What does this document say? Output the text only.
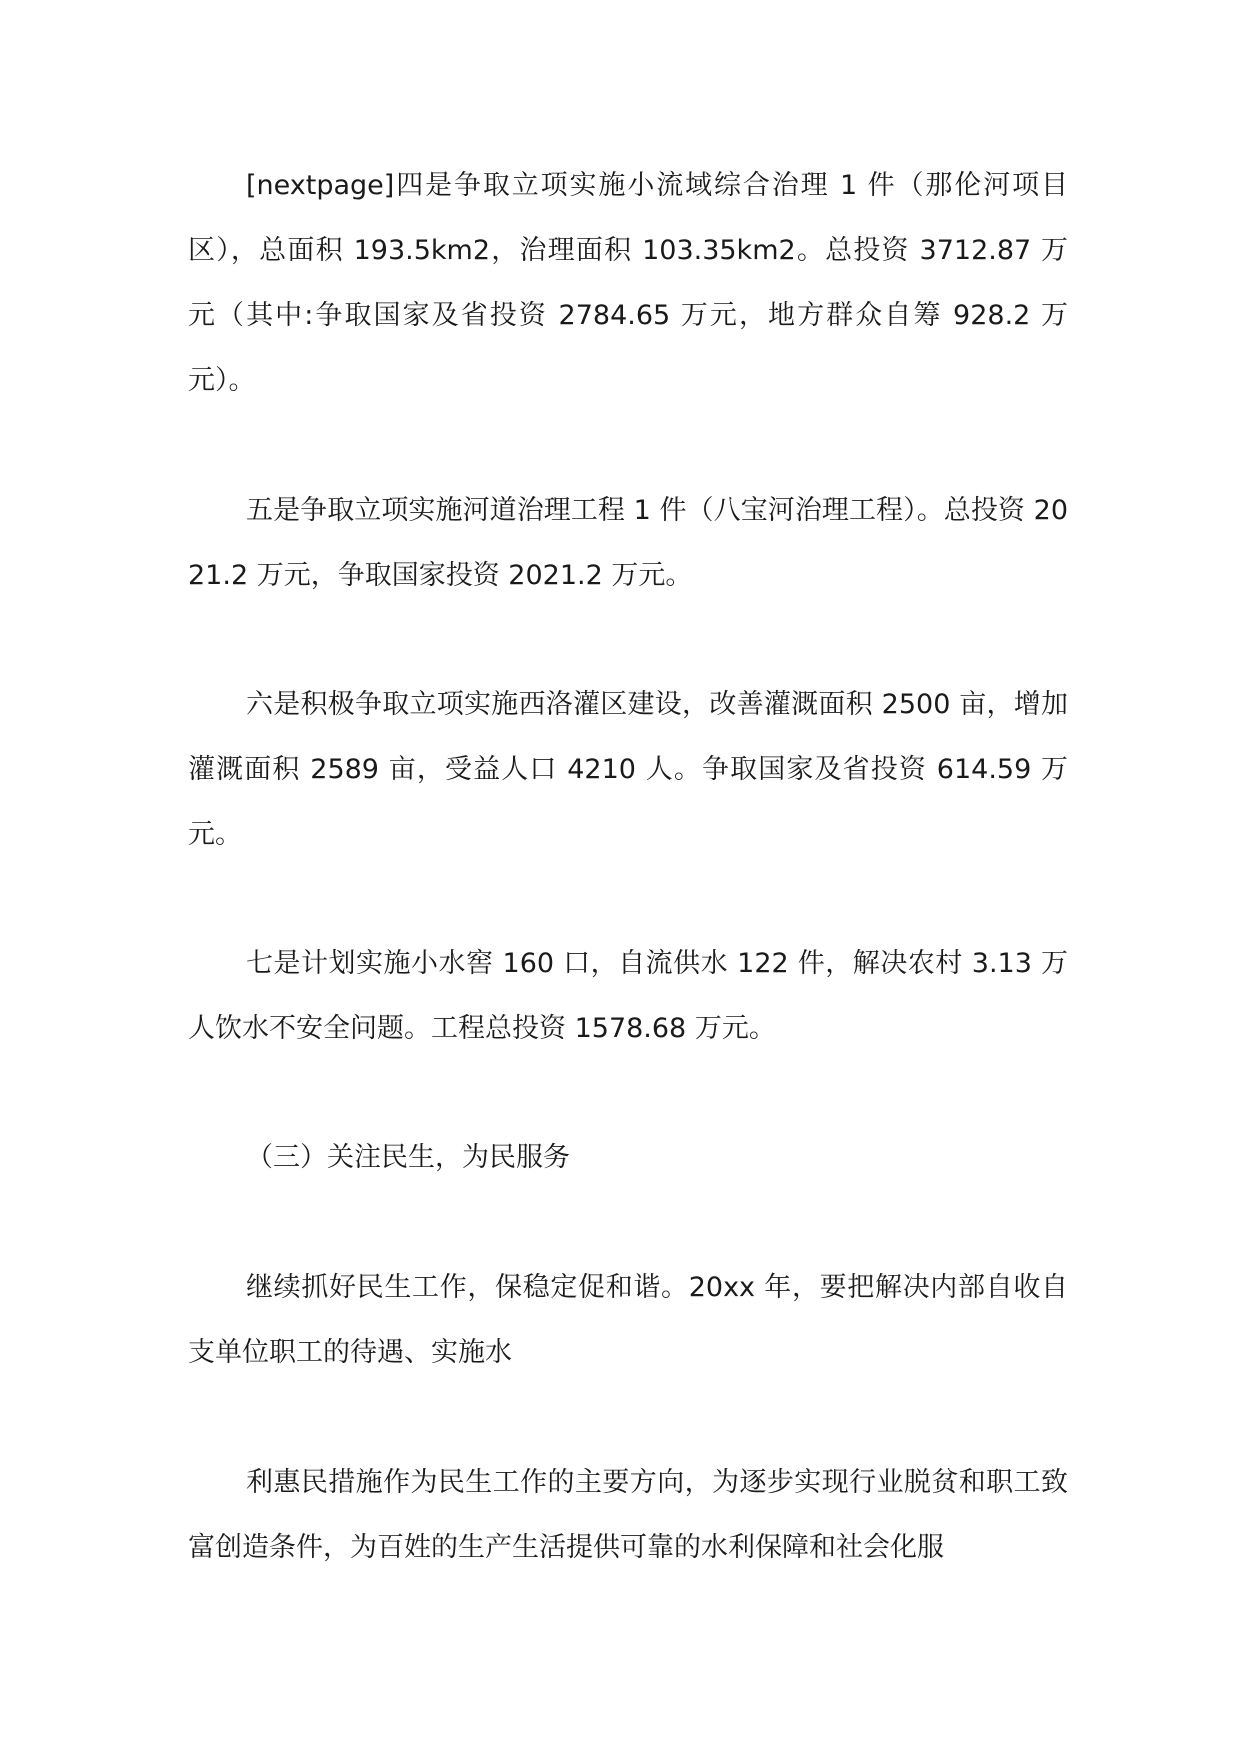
[nextpage]四是争取立项实施小流域综合治理 1 件（那伦河项目区），总面积 193.5km2，治理面积 103.35km2。总投资 3712.87 万元（其中:争取国家及省投资 2784.65 万元，地方群众自筹 928.2 万元）。

五是争取立项实施河道治理工程 1 件（八宝河治理工程）。总投资 2021.2 万元，争取国家投资 2021.2 万元。

六是积极争取立项实施西洛灌区建设，改善灌溉面积 2500 亩，增加灌溉面积 2589 亩，受益人口 4210 人。争取国家及省投资 614.59 万元。

七是计划实施小水窖 160 口，自流供水 122 件，解决农村 3.13 万人饮水不安全问题。工程总投资 1578.68 万元。

（三）关注民生，为民服务

继续抓好民生工作，保稳定促和谐。20xx 年，要把解决内部自收自支单位职工的待遇、实施水

利惠民措施作为民生工作的主要方向，为逐步实现行业脱贫和职工致富创造条件，为百姓的生产生活提供可靠的水利保障和社会化服
